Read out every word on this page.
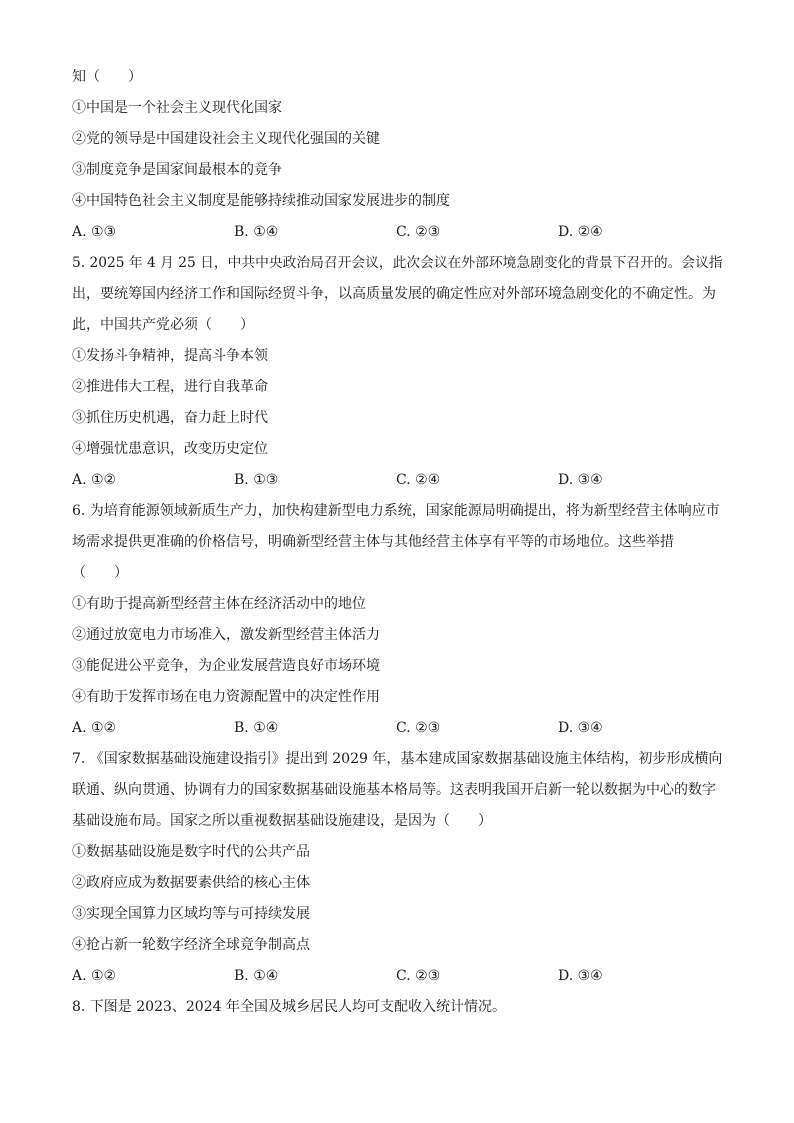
知（　　）
①中国是一个社会主义现代化国家
②党的领导是中国建设社会主义现代化强国的关键
③制度竞争是国家间最根本的竞争
④中国特色社会主义制度是能够持续推动国家发展进步的制度
A. ①③	B. ①④	C. ②③	D. ②④
5. 2025 年 4 月 25 日，中共中央政治局召开会议，此次会议在外部环境急剧变化的背景下召开的。会议指
出，要统筹国内经济工作和国际经贸斗争，以高质量发展的确定性应对外部环境急剧变化的不确定性。为
此，中国共产党必须（　　）
①发扬斗争精神，提高斗争本领
②推进伟大工程，进行自我革命
③抓住历史机遇，奋力赶上时代
④增强忧患意识，改变历史定位
A. ①②	B. ①③	C. ②④	D. ③④
6. 为培育能源领域新质生产力，加快构建新型电力系统，国家能源局明确提出，将为新型经营主体响应市
场需求提供更准确的价格信号，明确新型经营主体与其他经营主体享有平等的市场地位。这些举措
（　　）
①有助于提高新型经营主体在经济活动中的地位
②通过放宽电力市场准入，激发新型经营主体活力
③能促进公平竞争，为企业发展营造良好市场环境
④有助于发挥市场在电力资源配置中的决定性作用
A. ①②	B. ①④	C. ②③	D. ③④
7. 《国家数据基础设施建设指引》提出到 2029 年，基本建成国家数据基础设施主体结构，初步形成横向
联通、纵向贯通、协调有力的国家数据基础设施基本格局等。这表明我国开启新一轮以数据为中心的数字
基础设施布局。国家之所以重视数据基础设施建设，是因为（　　）
①数据基础设施是数字时代的公共产品
②政府应成为数据要素供给的核心主体
③实现全国算力区域均等与可持续发展
④抢占新一轮数字经济全球竞争制高点
A. ①②	B. ①④	C. ②③	D. ③④
8. 下图是 2023、2024 年全国及城乡居民人均可支配收入统计情况。
